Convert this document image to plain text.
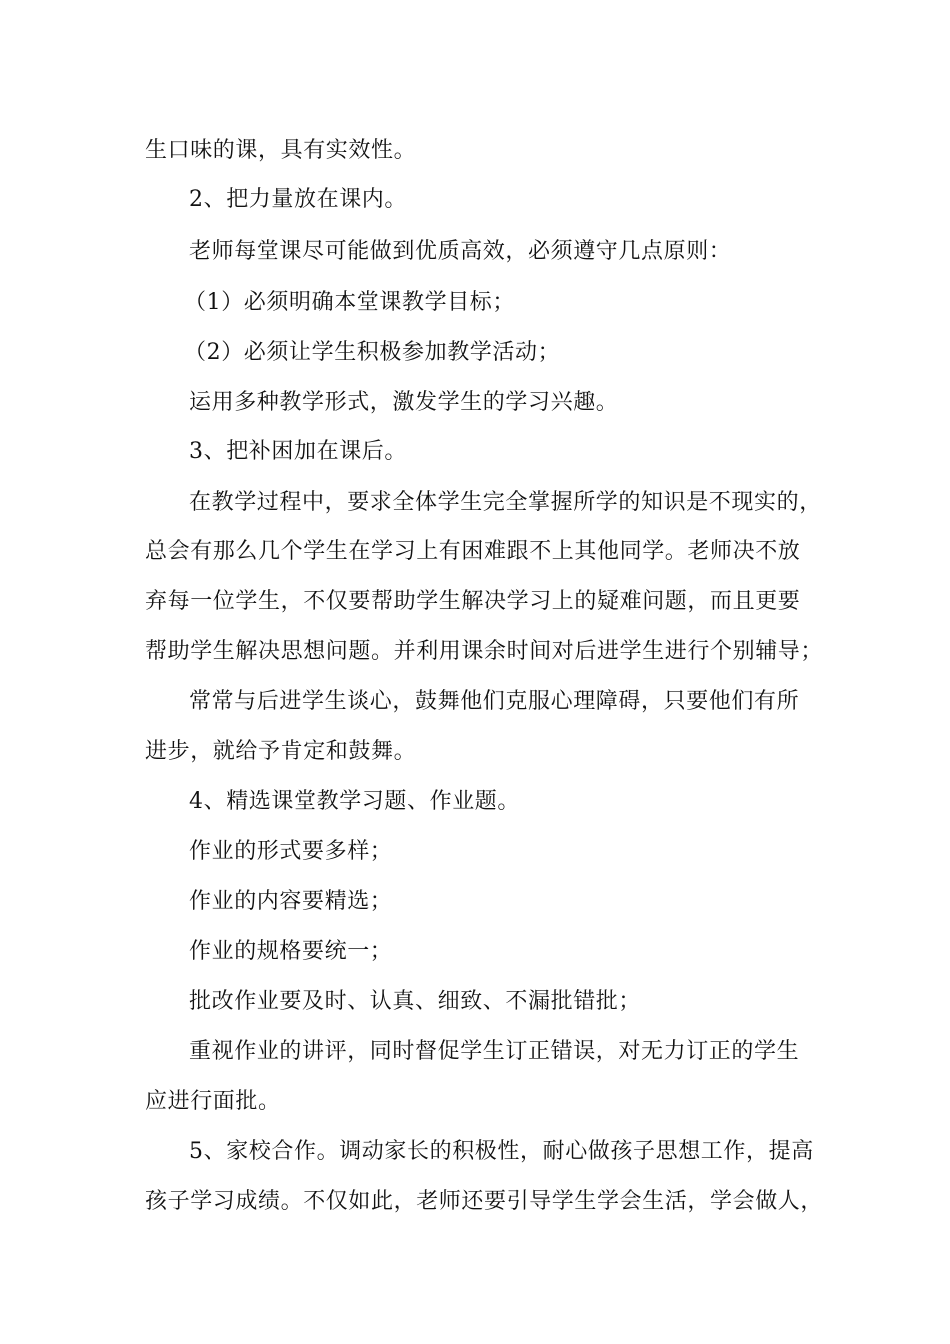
生口味的课，具有实效性。
2、把力量放在课内。
老师每堂课尽可能做到优质高效，必须遵守几点原则：
（1）必须明确本堂课教学目标；
（2）必须让学生积极参加教学活动；
运用多种教学形式，激发学生的学习兴趣。
3、把补困加在课后。
在教学过程中，要求全体学生完全掌握所学的知识是不现实的，
总会有那么几个学生在学习上有困难跟不上其他同学。老师决不放
弃每一位学生，不仅要帮助学生解决学习上的疑难问题，而且更要
帮助学生解决思想问题。并利用课余时间对后进学生进行个别辅导；
常常与后进学生谈心，鼓舞他们克服心理障碍，只要他们有所
进步，就给予肯定和鼓舞。
4、精选课堂教学习题、作业题。
作业的形式要多样；
作业的内容要精选；
作业的规格要统一；
批改作业要及时、认真、细致、不漏批错批；
重视作业的讲评，同时督促学生订正错误，对无力订正的学生
应进行面批。
5、家校合作。调动家长的积极性，耐心做孩子思想工作，提高
孩子学习成绩。不仅如此，老师还要引导学生学会生活，学会做人，
